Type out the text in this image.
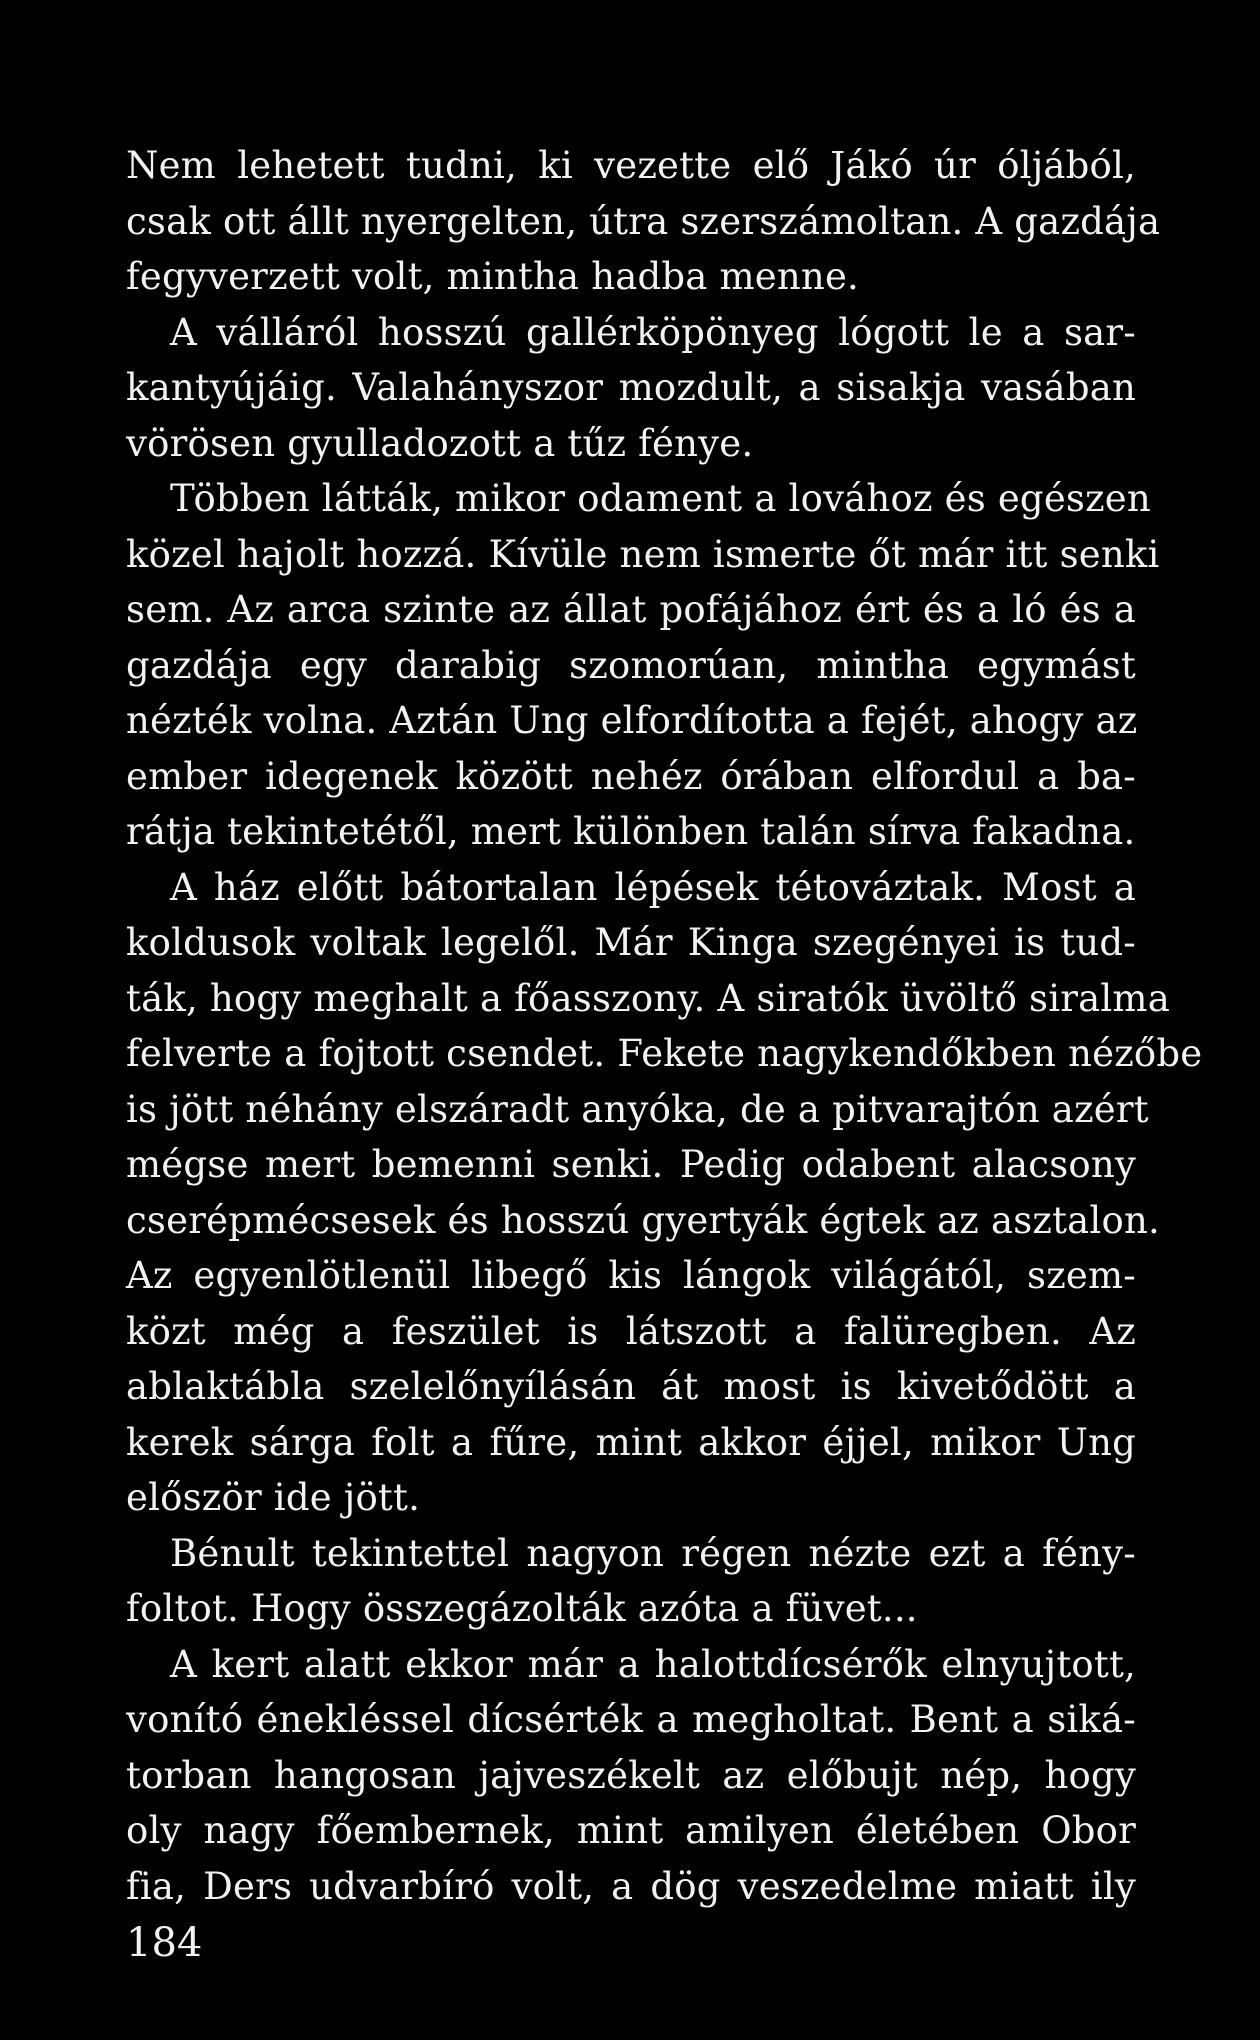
Nem lehetett tudni, ki vezette elő Jákó úr óljából,
csak ott állt nyergelten, útra szerszámoltan. A gazdája
fegyverzett volt, mintha hadba menne.
A válláról hosszú gallérköpönyeg lógott le a sar-
kantyújáig. Valahányszor mozdult, a sisakja vasában
vörösen gyulladozott a tűz fénye.
Többen látták, mikor odament a lovához és egészen
közel hajolt hozzá. Kívüle nem ismerte őt már itt senki
sem. Az arca szinte az állat pofájához ért és a ló és a
gazdája egy darabig szomorúan, mintha egymást
nézték volna. Aztán Ung elfordította a fejét, ahogy az
ember idegenek között nehéz órában elfordul a ba-
rátja tekintetétől, mert különben talán sírva fakadna.
A ház előtt bátortalan lépések tétováztak. Most a
koldusok voltak legelől. Már Kinga szegényei is tud-
ták, hogy meghalt a főasszony. A siratók üvöltő siralma
felverte a fojtott csendet. Fekete nagykendőkben nézőbe
is jött néhány elszáradt anyóka, de a pitvarajtón azért
mégse mert bemenni senki. Pedig odabent alacsony
cserépmécsesek és hosszú gyertyák égtek az asztalon.
Az egyenlötlenül libegő kis lángok világától, szem-
közt még a feszület is látszott a falüregben. Az
ablaktábla szelelőnyílásán át most is kivetődött a
kerek sárga folt a fűre, mint akkor éjjel, mikor Ung
először ide jött.
Bénult tekintettel nagyon régen nézte ezt a fény-
foltot. Hogy összegázolták azóta a füvet...
A kert alatt ekkor már a halottdícsérők elnyujtott,
vonító énekléssel dícsérték a megholtat. Bent a siká-
torban hangosan jajveszékelt az előbujt nép, hogy
oly nagy főembernek, mint amilyen életében Obor
fia, Ders udvarbíró volt, a dög veszedelme miatt ily
184
